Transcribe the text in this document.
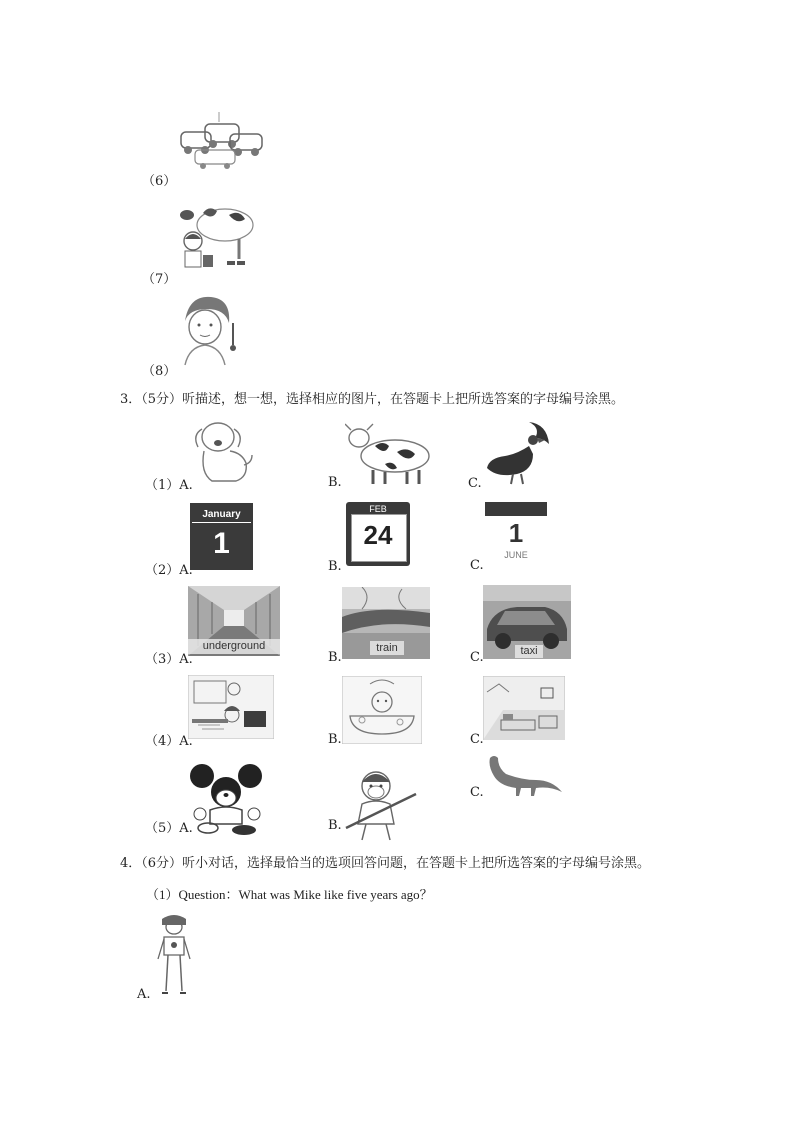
（6）
（7）
（8）
3．（5分）听描述，想一想，选择相应的图片，在答题卡上把所选答案的字母编号涂黑。
（1）A.	B.	C.
January
1
（2）A.
FEB
24
B.
1
JUNE
C.
underground
（3）A.
train
B.	taxi
C.
（4）A.	B.	C.
（5）A.	B.
C.
4．（6分）听小对话，选择最恰当的选项回答问题，在答题卡上把所选答案的字母编号涂黑。
（1）Question：What was Mike like five years ago？
A.
